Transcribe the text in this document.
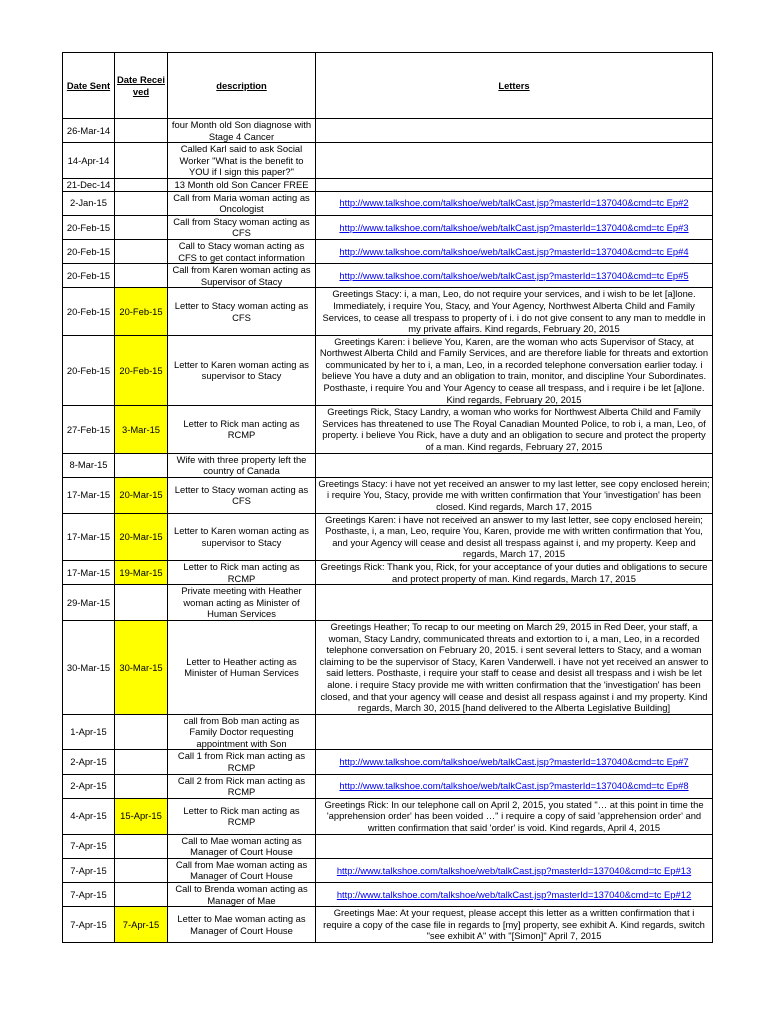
Date Sent	Date Recei ved	description	Letters
26-Mar-14		four Month old Son diagnose with Stage 4 Cancer	
14-Apr-14		Called Karl said to ask Social Worker "What is the benefit to YOU if I sign this paper?"	
21-Dec-14		13 Month old Son Cancer FREE	
2-Jan-15		Call from Maria woman acting as Oncologist	http://www.talkshoe.com/talkshoe/web/talkCast.jsp?masterId=137040&cmd=tc Ep#2
20-Feb-15		Call from Stacy woman acting as CFS	http://www.talkshoe.com/talkshoe/web/talkCast.jsp?masterId=137040&cmd=tc Ep#3
20-Feb-15		Call to Stacy woman acting as CFS to get contact information	http://www.talkshoe.com/talkshoe/web/talkCast.jsp?masterId=137040&cmd=tc Ep#4
20-Feb-15		Call from Karen woman acting as Supervisor of Stacy	http://www.talkshoe.com/talkshoe/web/talkCast.jsp?masterId=137040&cmd=tc Ep#5
20-Feb-15	20-Feb-15	Letter to Stacy woman acting as CFS	Greetings Stacy: i, a man, Leo, do not require your services, and i wish to be let [a]lone. Immediately, i require You, Stacy, and Your Agency, Northwest Alberta Child and Family Services, to cease all trespass to property of i. i do not give consent to any man to meddle in my private affairs. Kind regards, February 20, 2015
20-Feb-15	20-Feb-15	Letter to Karen woman acting as supervisor to Stacy	Greetings Karen: i believe You, Karen, are the woman who acts Supervisor of Stacy, at Northwest Alberta Child and Family Services, and are therefore liable for threats and extortion communicated by her to i, a man, Leo, in a recorded telephone conversation earlier today. i believe You have a duty and an obligation to train, monitor, and discipline Your Subordinates. Posthaste, i require You and Your Agency to cease all trespass, and i require i be let [a]lone. Kind regards, February 20, 2015
27-Feb-15	3-Mar-15	Letter to Rick man acting as RCMP	Greetings Rick, Stacy Landry, a woman who works for Northwest Alberta Child and Family Services has threatened to use The Royal Canadian Mounted Police, to rob i, a man, Leo, of property. i believe You Rick, have a duty and an obligation to secure and protect the property of a man. Kind regards, February 27, 2015
8-Mar-15		Wife with three property left the country of Canada	
17-Mar-15	20-Mar-15	Letter to Stacy woman acting as CFS	Greetings Stacy: i have not yet received an answer to my last letter, see copy enclosed herein; i require You, Stacy, provide me with written confirmation that Your 'investigation' has been closed. Kind regards, March 17, 2015
17-Mar-15	20-Mar-15	Letter to Karen woman acting as supervisor to Stacy	Greetings Karen: i have not received an answer to my last letter, see copy enclosed herein; Posthaste, i, a man, Leo, require You, Karen, provide me with written confirmation that You, and your Agency will cease and desist all trespass against i, and my property. Keep and regards, March 17, 2015
17-Mar-15	19-Mar-15	Letter to Rick man acting as RCMP	Greetings Rick: Thank you, Rick, for your acceptance of your duties and obligations to secure and protect property of man. Kind regards, March 17, 2015
29-Mar-15		Private meeting with Heather woman acting as Minister of Human Services	
30-Mar-15	30-Mar-15	Letter to Heather acting as Minister of Human Services	Greetings Heather; To recap to our meeting on March 29, 2015 in Red Deer, your staff, a woman, Stacy Landry, communicated threats and extortion to i, a man, Leo, in a recorded telephone conversation on February 20, 2015. i sent several letters to Stacy, and a woman claiming to be the supervisor of Stacy, Karen Vanderwell. i have not yet received an answer to said letters. Posthaste, i require your staff to cease and desist all trespass and i wish be let alone. i require Stacy provide me with written confirmation that the 'investigation' has been closed, and that your agency will cease and desist all respass against i and my property. Kind regards, March 30, 2015 [hand delivered to the Alberta Legislative Building]
1-Apr-15		call from Bob man acting as Family Doctor requesting appointment with Son	
2-Apr-15		Call 1 from Rick man acting as RCMP	http://www.talkshoe.com/talkshoe/web/talkCast.jsp?masterId=137040&cmd=tc Ep#7
2-Apr-15		Call 2 from Rick man acting as RCMP	http://www.talkshoe.com/talkshoe/web/talkCast.jsp?masterId=137040&cmd=tc Ep#8
4-Apr-15	15-Apr-15	Letter to Rick man acting as RCMP	Greetings Rick: In our telephone call on April 2, 2015, you stated "… at this point in time the 'apprehension order' has been voided …" i require a copy of said 'apprehension order' and written confirmation that said 'order' is void. Kind regards, April 4, 2015
7-Apr-15		Call to Mae woman acting as Manager of Court House	
7-Apr-15		Call from Mae woman acting as Manager of Court House	http://www.talkshoe.com/talkshoe/web/talkCast.jsp?masterId=137040&cmd=tc Ep#13
7-Apr-15		Call to Brenda woman acting as Manager of Mae	http://www.talkshoe.com/talkshoe/web/talkCast.jsp?masterId=137040&cmd=tc Ep#12
7-Apr-15	7-Apr-15	Letter to Mae woman acting as Manager of Court House	Greetings Mae: At your request, please accept this letter as a written confirmation that i require a copy of the case file in regards to [my] property, see exhibit A. Kind regards, switch "see exhibit A" with "[Simon]" April 7, 2015
